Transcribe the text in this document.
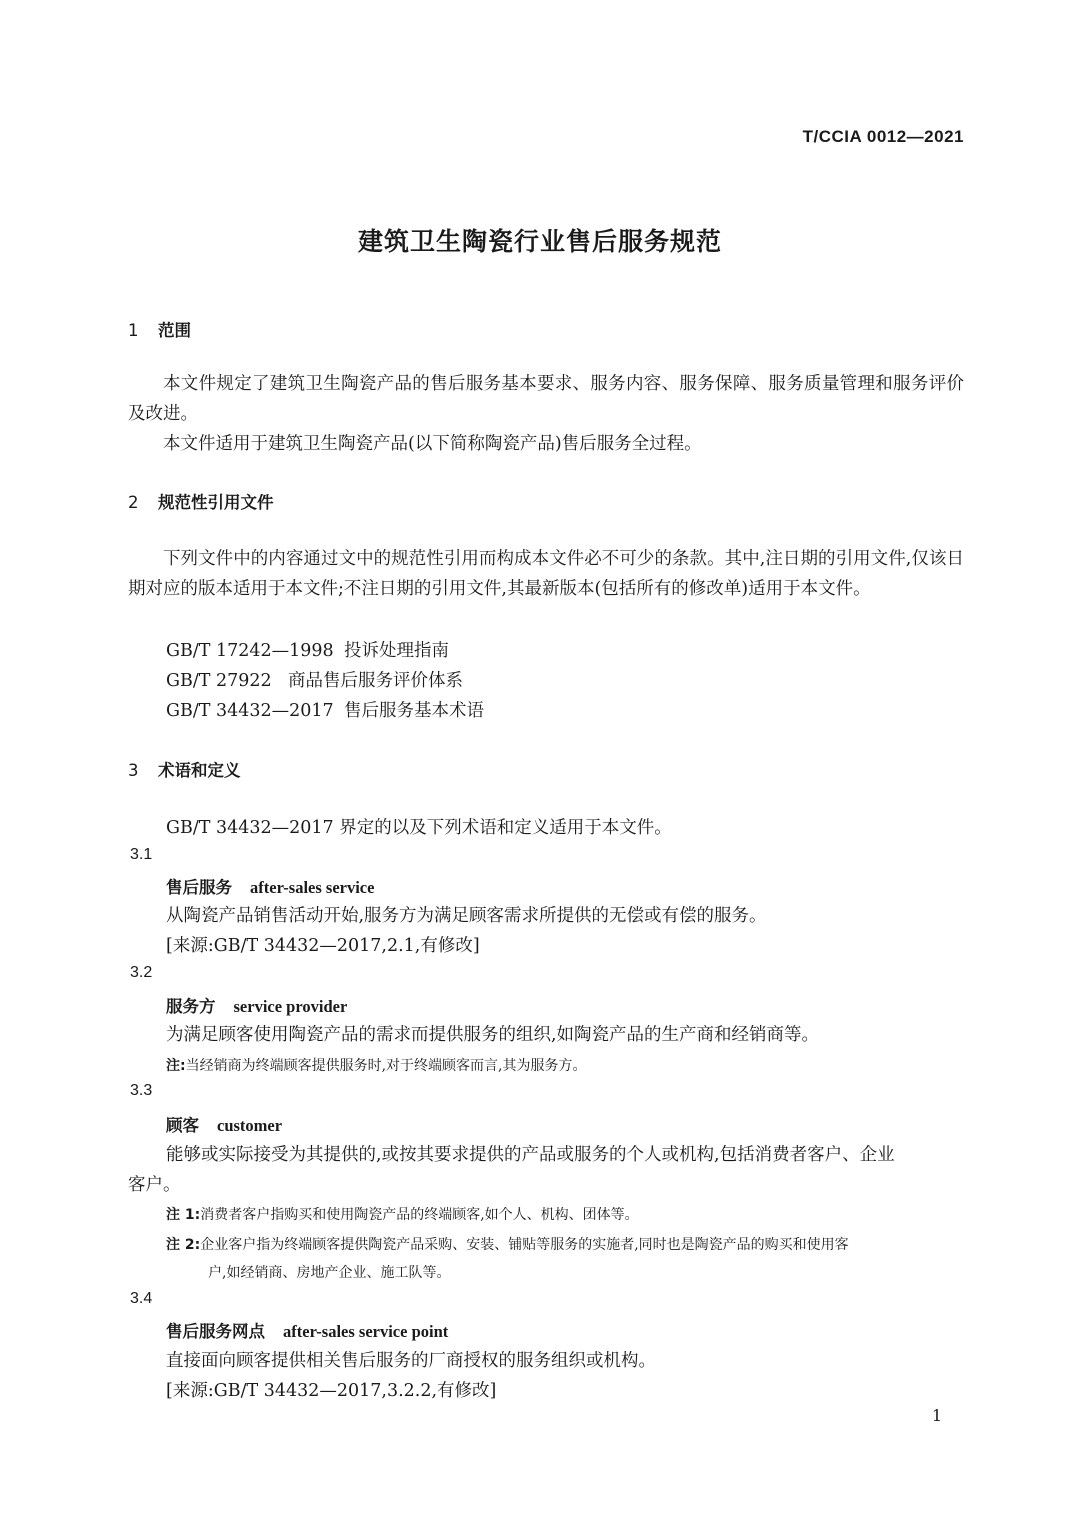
T/CCIA 0012—2021
建筑卫生陶瓷行业售后服务规范
1 范围
本文件规定了建筑卫生陶瓷产品的售后服务基本要求、服务内容、服务保障、服务质量管理和服务评价及改进。
本文件适用于建筑卫生陶瓷产品(以下简称陶瓷产品)售后服务全过程。
2 规范性引用文件
下列文件中的内容通过文中的规范性引用而构成本文件必不可少的条款。其中,注日期的引用文件,仅该日期对应的版本适用于本文件;不注日期的引用文件,其最新版本(包括所有的修改单)适用于本文件。
GB/T 17242—1998 投诉处理指南
GB/T 27922 商品售后服务评价体系
GB/T 34432—2017 售后服务基本术语
3 术语和定义
GB/T 34432—2017 界定的以及下列术语和定义适用于本文件。
3.1
售后服务 after-sales service
从陶瓷产品销售活动开始,服务方为满足顾客需求所提供的无偿或有偿的服务。
[来源:GB/T 34432—2017,2.1,有修改]
3.2
服务方 service provider
为满足顾客使用陶瓷产品的需求而提供服务的组织,如陶瓷产品的生产商和经销商等。
注:当经销商为终端顾客提供服务时,对于终端顾客而言,其为服务方。
3.3
顾客 customer
能够或实际接受为其提供的,或按其要求提供的产品或服务的个人或机构,包括消费者客户、企业
客户。
注 1:消费者客户指购买和使用陶瓷产品的终端顾客,如个人、机构、团体等。
注 2:企业客户指为终端顾客提供陶瓷产品采购、安装、铺贴等服务的实施者,同时也是陶瓷产品的购买和使用客
户,如经销商、房地产企业、施工队等。
3.4
售后服务网点 after-sales service point
直接面向顾客提供相关售后服务的厂商授权的服务组织或机构。
[来源:GB/T 34432—2017,3.2.2,有修改]
1
